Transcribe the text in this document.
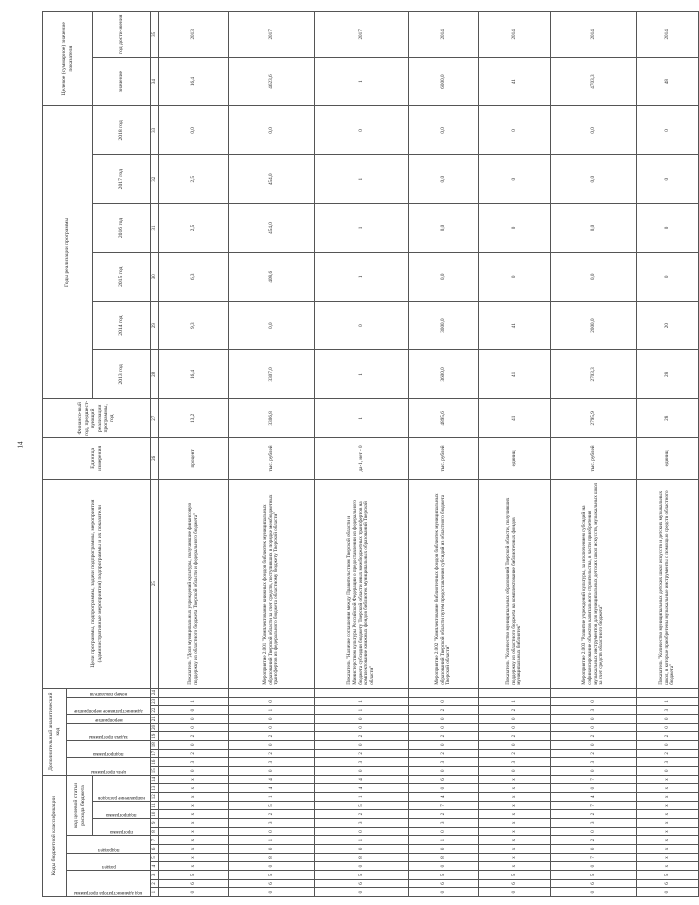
14
Коды бюджетной классификации														Дополнительный аналитический код										Цели программы, подпрограммы, задачи подпрограммы, мероприятия (административные мероприятия) подпрограммы и их показатели	Единица измерения	Финансо-вый год, предшест-вующий реализации программы, год	Годы реализации программы						Целевое (суммарное) значение показателя	

код администратора программы			раздел		подраздел		код целевой статьи расхода бюджета							цель программы		подпрограмма		задача программы		мероприятие	административное мероприятие		номер показателя											

							программа		подпрограмма		направление расходов																2013 год	2014 год	2015 год	2016 год	2017 год	2018 год	значение	год дости-жения
1	2	3	4	5	6	7	8	9	10	11	12	13	14	15	16	17	18	19	20	21	22	23	24	25	26	27	28	29	30	31	32	33	34	35
0	6	5	x	x	x	x	x	x	x	x	x	x	x	0	3	2	0	2	0	0	0	1		Показатель "Доля муниципальных учреждений культуры, получившие финансовую поддержку из областного бюджета Тверской области и федерального бюджета"	процент	13,2	16,4	9,3	6,3	2,5	2,5	0,0	16,4	2013
0	6	5	0	8	0	1	0	3	2	5	1	4	4	0	3	2	0	2	0	0	1	0		Мероприятие 2.001 "Комплектование книжных фондов библиотек муниципальных образований Тверской области за счет средств, поступивших в порядке межбюджетных трансфертов из федерального бюджета областному бюджету Тверской области"	тыс. рублей	3306,8	3307,0	0,0	408,6	454,0	454,0	0,0	4623,6	2017
0	6	5	0	8	0	1	0	3	2	5	1	4	4	0	3	2	0	2	0	0	1	1		Показатель "Наличие соглашения между Правительством Тверской области и Министерством культуры Российской Федерации о предоставлении из федерального бюджета субсидии бюджету Тверской области иных межбюджетных трансфертов на комплектование книжных фондов библиотек муниципальных образований Тверской области"	да-1, нет - 0	1	1	0	1	1	1	0	1	2017
0	6	5	0	8	0	1	0	3	2	7	4	0	6	0	3	2	0	2	0	0	2	0		Мероприятие 2.002 "Комплектование библиотечных фондов библиотек муниципальных образований Тверской области путем предоставления субсидий из областного бюджета Тверской области"	тыс. рублей	4895,6	3600,0	3000,0	0,0	0,0	0,0	0,0	6000,0	2014
0	6	5	x	x	x	x	x	x	x	x	x	x	x	0	3	2	0	2	0	0	2	1		Показатель "Количество муниципальных образований Тверской области, получивших поддержку из областного бюджета на комплектование библиотечных фондов муниципальных библиотек"	единиц	41	41	41	0	0	0	0	41	2014
0	6	5	0	7	0	2	0	3	2	7	4	0	7	0	3	2	0	2	0	0	3	0		Мероприятие 2.003 "Развитие учреждений культуры, за исключением субсидий на софинансирование объектов капитального строительства, в части приобретения музыкальных инструментов для муниципальных детских школ искусств, музыкальных школ за счет средств областного бюджета"	тыс. рублей	2795,9	2703,3	2000,0	0,0	0,0	0,0	0,0	4703,3	2014
0	6	5	x	x	x	x	x	x	x	x	x	x	x	0	3	2	0	2	0	0	3	1		Показатель "Количество муниципальных детских школ искусств и детских музыкальных школ, в которые приобретены музыкальные инструменты с помощью средств областного бюджета"	единиц	28	28	20	0	0	0	0	48	2014
